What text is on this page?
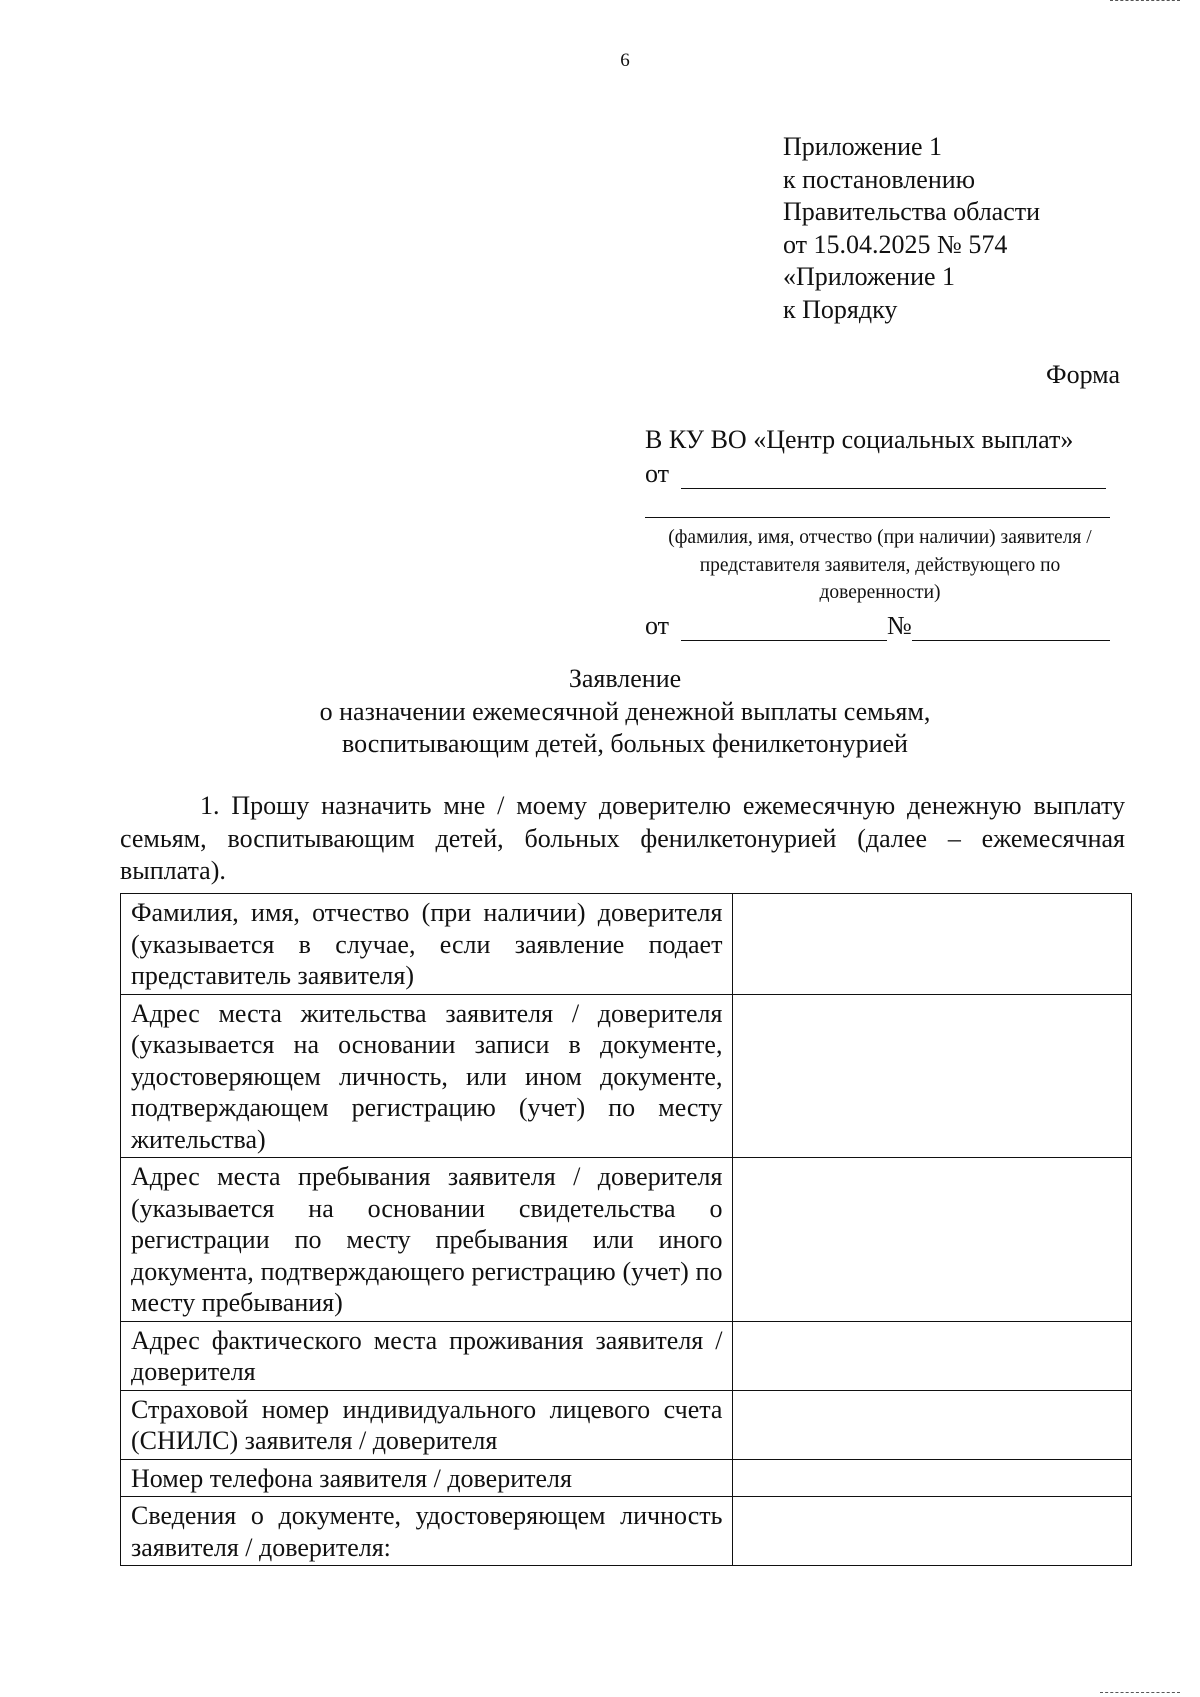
6
Приложение 1
к постановлению
Правительства области
от 15.04.2025 № 574
«Приложение 1
к Порядку
Форма
В КУ ВО «Центр социальных выплат»
от
(фамилия, имя, отчество (при наличии) заявителя / представителя заявителя, действующего по доверенности)
от	№
Заявление
о назначении ежемесячной денежной выплаты семьям,
воспитывающим детей, больных фенилкетонурией
1. Прошу назначить мне / моему доверителю ежемесячную денежную выплату семьям, воспитывающим детей, больных фенилкетонурией (далее – ежемесячная выплата).
Фамилия, имя, отчество (при наличии) доверителя (указывается в случае, если заявление подает представитель заявителя)	
Адрес места жительства заявителя / доверителя (указывается на основании записи в документе, удостоверяющем личность, или ином документе, подтверждающем регистрацию (учет) по месту жительства)	
Адрес места пребывания заявителя / доверителя (указывается на основании свидетельства о регистрации по месту пребывания или иного документа, подтверждающего регистрацию (учет) по месту пребывания)	
Адрес фактического места проживания заявителя / доверителя	
Страховой номер индивидуального лицевого счета (СНИЛС) заявителя / доверителя	
Номер телефона заявителя / доверителя	
Сведения о документе, удостоверяющем личность заявителя / доверителя:	
